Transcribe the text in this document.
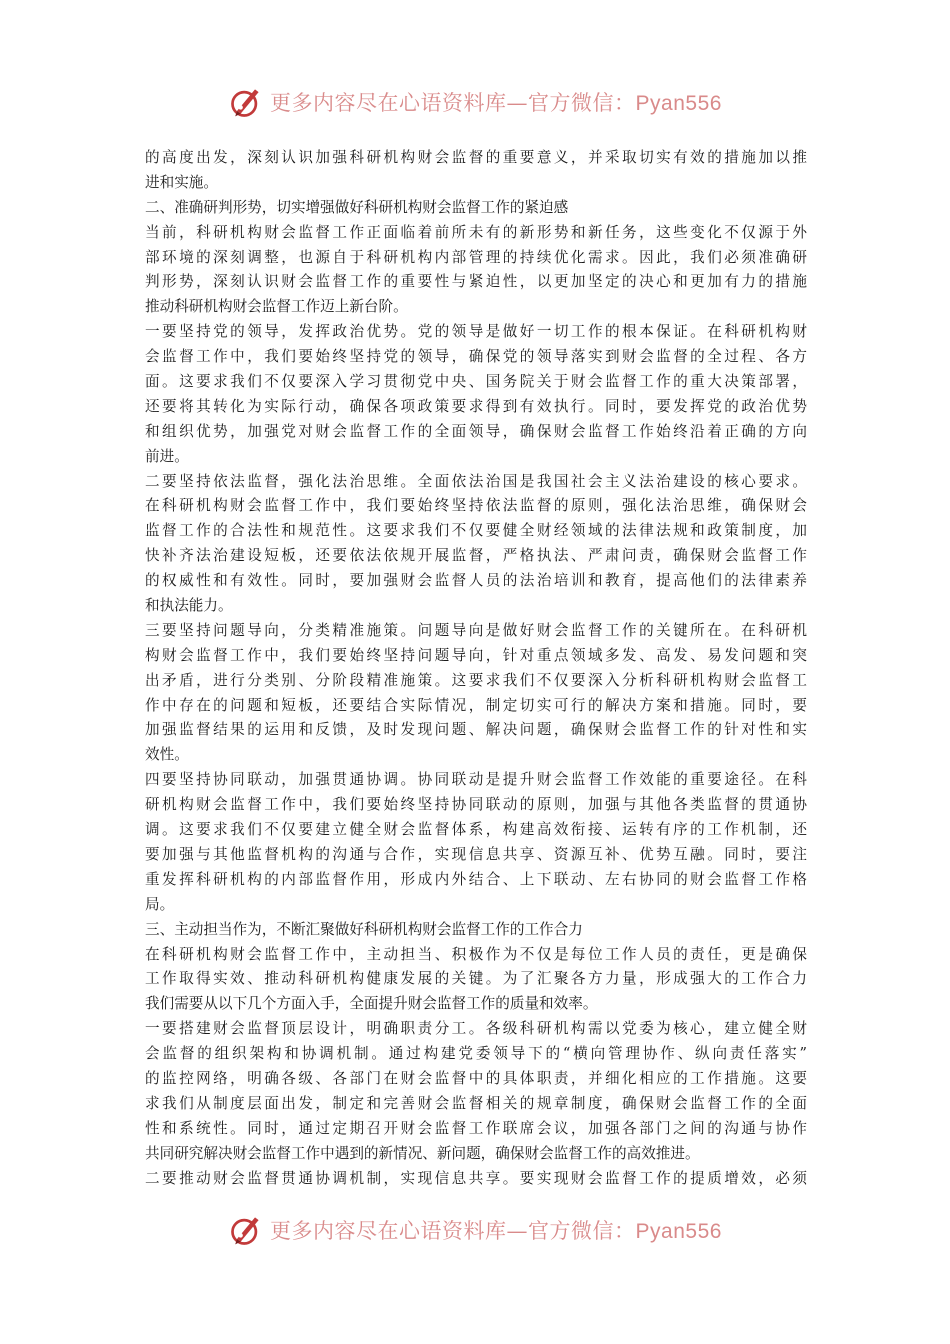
更多内容尽在心语资料库—官方微信：Pyan556
的高度出发，深刻认识加强科研机构财会监督的重要意义，并采取切实有效的措施加以推
进和实施。
二、准确研判形势，切实增强做好科研机构财会监督工作的紧迫感
当前，科研机构财会监督工作正面临着前所未有的新形势和新任务，这些变化不仅源于外
部环境的深刻调整，也源自于科研机构内部管理的持续优化需求。因此，我们必须准确研
判形势，深刻认识财会监督工作的重要性与紧迫性，以更加坚定的决心和更加有力的措施
推动科研机构财会监督工作迈上新台阶。
一要坚持党的领导，发挥政治优势。党的领导是做好一切工作的根本保证。在科研机构财
会监督工作中，我们要始终坚持党的领导，确保党的领导落实到财会监督的全过程、各方
面。这要求我们不仅要深入学习贯彻党中央、国务院关于财会监督工作的重大决策部署，
还要将其转化为实际行动，确保各项政策要求得到有效执行。同时，要发挥党的政治优势
和组织优势，加强党对财会监督工作的全面领导，确保财会监督工作始终沿着正确的方向
前进。
二要坚持依法监督，强化法治思维。全面依法治国是我国社会主义法治建设的核心要求。
在科研机构财会监督工作中，我们要始终坚持依法监督的原则，强化法治思维，确保财会
监督工作的合法性和规范性。这要求我们不仅要健全财经领域的法律法规和政策制度，加
快补齐法治建设短板，还要依法依规开展监督，严格执法、严肃问责，确保财会监督工作
的权威性和有效性。同时，要加强财会监督人员的法治培训和教育，提高他们的法律素养
和执法能力。
三要坚持问题导向，分类精准施策。问题导向是做好财会监督工作的关键所在。在科研机
构财会监督工作中，我们要始终坚持问题导向，针对重点领域多发、高发、易发问题和突
出矛盾，进行分类别、分阶段精准施策。这要求我们不仅要深入分析科研机构财会监督工
作中存在的问题和短板，还要结合实际情况，制定切实可行的解决方案和措施。同时，要
加强监督结果的运用和反馈，及时发现问题、解决问题，确保财会监督工作的针对性和实
效性。
四要坚持协同联动，加强贯通协调。协同联动是提升财会监督工作效能的重要途径。在科
研机构财会监督工作中，我们要始终坚持协同联动的原则，加强与其他各类监督的贯通协
调。这要求我们不仅要建立健全财会监督体系，构建高效衔接、运转有序的工作机制，还
要加强与其他监督机构的沟通与合作，实现信息共享、资源互补、优势互融。同时，要注
重发挥科研机构的内部监督作用，形成内外结合、上下联动、左右协同的财会监督工作格
局。
三、主动担当作为，不断汇聚做好科研机构财会监督工作的工作合力
在科研机构财会监督工作中，主动担当、积极作为不仅是每位工作人员的责任，更是确保
工作取得实效、推动科研机构健康发展的关键。为了汇聚各方力量，形成强大的工作合力
我们需要从以下几个方面入手，全面提升财会监督工作的质量和效率。
一要搭建财会监督顶层设计，明确职责分工。各级科研机构需以党委为核心，建立健全财
会监督的组织架构和协调机制。通过构建党委领导下的“横向管理协作、纵向责任落实”
的监控网络，明确各级、各部门在财会监督中的具体职责，并细化相应的工作措施。这要
求我们从制度层面出发，制定和完善财会监督相关的规章制度，确保财会监督工作的全面
性和系统性。同时，通过定期召开财会监督工作联席会议，加强各部门之间的沟通与协作
共同研究解决财会监督工作中遇到的新情况、新问题，确保财会监督工作的高效推进。
二要推动财会监督贯通协调机制，实现信息共享。要实现财会监督工作的提质增效，必须
更多内容尽在心语资料库—官方微信：Pyan556
